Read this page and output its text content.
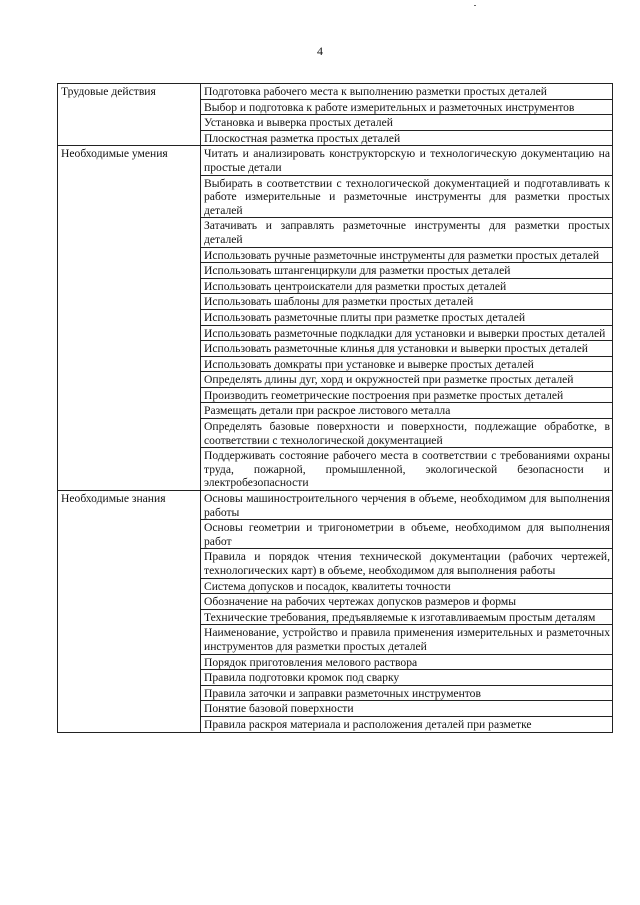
4
Трудовые действия	Подготовка рабочего места к выполнению разметки простых деталей
	Выбор и подготовка к работе измерительных и разметочных инструментов
	Установка и выверка простых деталей
	Плоскостная разметка простых деталей
Необходимые умения	Читать и анализировать конструкторскую и технологическую документацию на простые детали
	Выбирать в соответствии с технологической документацией и подготавливать к работе измерительные и разметочные инструменты для разметки простых деталей
	Затачивать и заправлять разметочные инструменты для разметки простых деталей
	Использовать ручные разметочные инструменты для разметки простых деталей
	Использовать штангенциркули для разметки простых деталей
	Использовать центроискатели для разметки простых деталей
	Использовать шаблоны для разметки простых деталей
	Использовать разметочные плиты при разметке простых деталей
	Использовать разметочные подкладки для установки и выверки простых деталей
	Использовать разметочные клинья для установки и выверки простых деталей
	Использовать домкраты при установке и выверке простых деталей
	Определять длины дуг, хорд и окружностей при разметке простых деталей
	Производить геометрические построения при разметке простых деталей
	Размещать детали при раскрое листового металла
	Определять базовые поверхности и поверхности, подлежащие обработке, в соответствии с технологической документацией
	Поддерживать состояние рабочего места в соответствии с требованиями охраны труда, пожарной, промышленной, экологической безопасности и электробезопасности
Необходимые знания	Основы машиностроительного черчения в объеме, необходимом для выполнения работы
	Основы геометрии и тригонометрии в объеме, необходимом для выполнения работ
	Правила и порядок чтения технической документации (рабочих чертежей, технологических карт) в объеме, необходимом для выполнения работы
	Система допусков и посадок, квалитеты точности
	Обозначение на рабочих чертежах допусков размеров и формы
	Технические требования, предъявляемые к изготавливаемым простым деталям
	Наименование, устройство и правила применения измерительных и разметочных инструментов для разметки простых деталей
	Порядок приготовления мелового раствора
	Правила подготовки кромок под сварку
	Правила заточки и заправки разметочных инструментов
	Понятие базовой поверхности
	Правила раскроя материала и расположения деталей при разметке
